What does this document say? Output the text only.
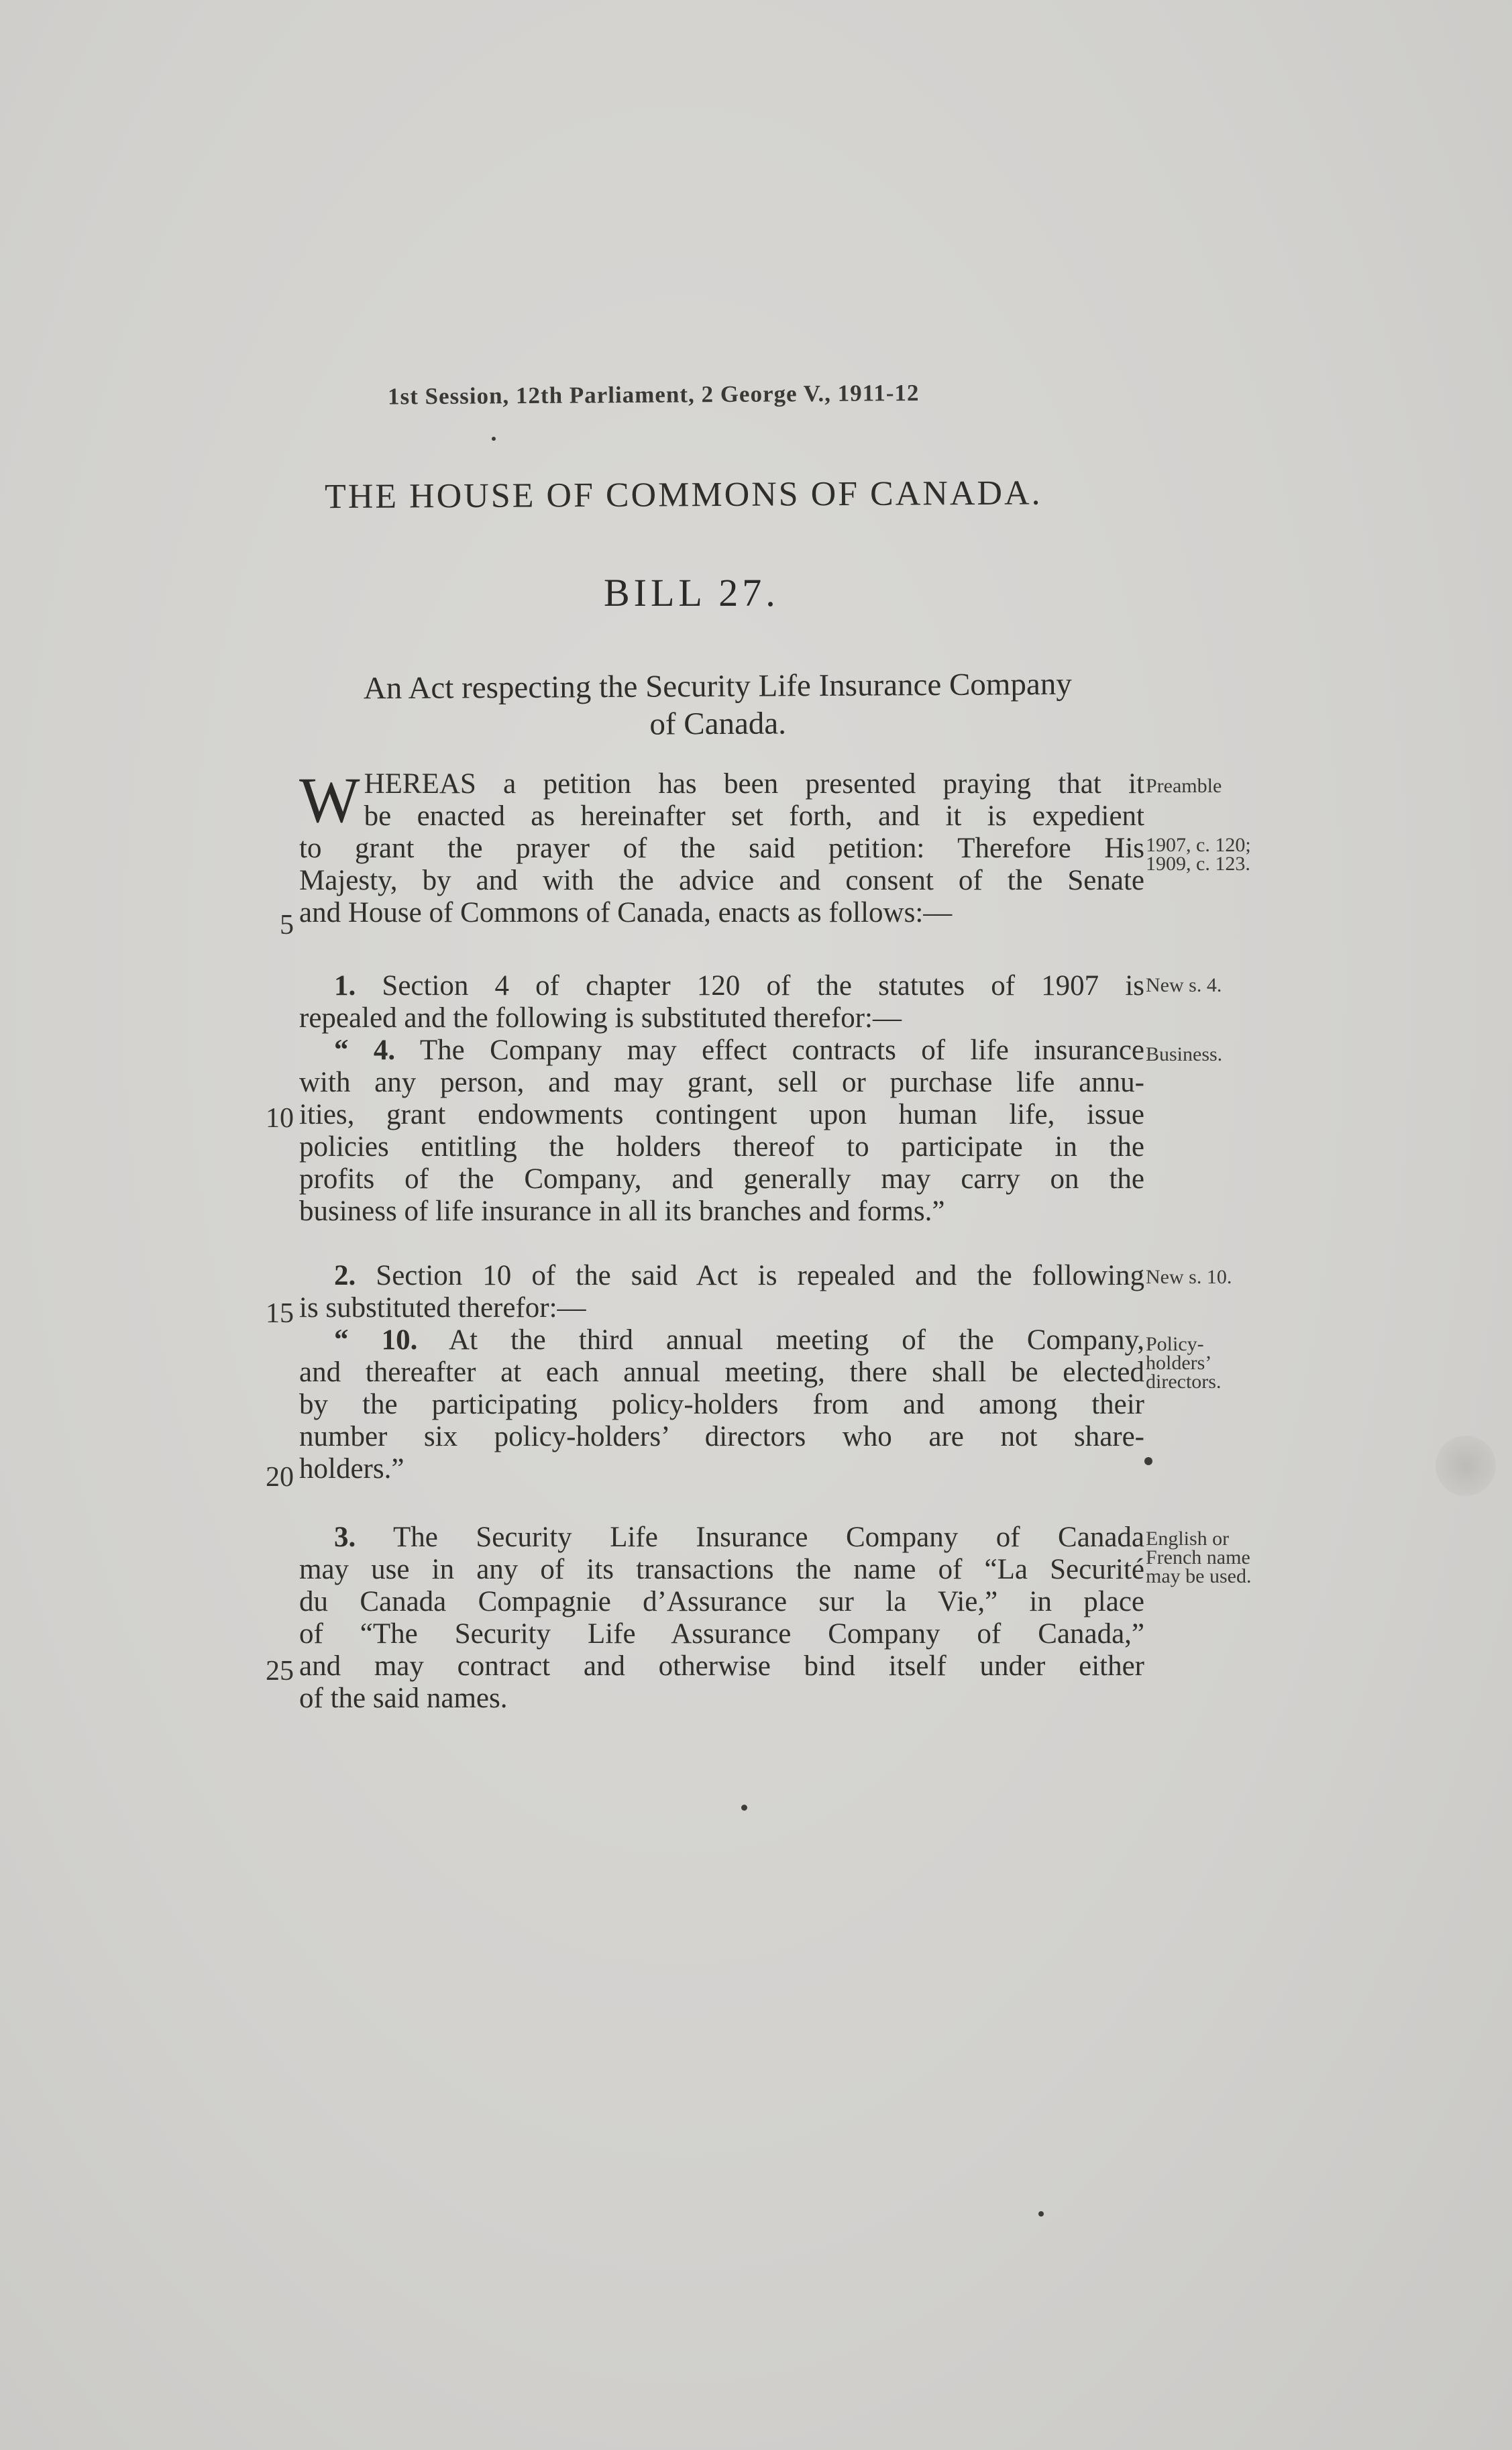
1st Session, 12th Parliament, 2 George V., 1911-12
THE HOUSE OF COMMONS OF CANADA.
BILL 27.
An Act respecting the Security Life Insurance Company
of Canada.
W HEREAS a petition has been presented praying that it
be enacted as hereinafter set forth, and it is expedient
to grant the prayer of the said petition: Therefore His
Majesty, by and with the advice and consent of the Senate
and House of Commons of Canada, enacts as follows:—
1. Section 4 of chapter 120 of the statutes of 1907 is
repealed and the following is substituted therefor:—
“ 4. The Company may effect contracts of life insurance
with any person, and may grant, sell or purchase life annu-
ities, grant endowments contingent upon human life, issue
policies entitling the holders thereof to participate in the
profits of the Company, and generally may carry on the
business of life insurance in all its branches and forms.”
2. Section 10 of the said Act is repealed and the following
is substituted therefor:—
“ 10. At the third annual meeting of the Company,
and thereafter at each annual meeting, there shall be elected
by the participating policy-holders from and among their
number six policy-holders’ directors who are not share-
holders.”
3. The Security Life Insurance Company of Canada
may use in any of its transactions the name of “La Securité
du Canada Compagnie d’Assurance sur la Vie,” in place
of “The Security Life Assurance Company of Canada,”
and may contract and otherwise bind itself under either
of the said names.
Preamble
1907, c. 120;
1909, c. 123.
New s. 4.
Business.
New s. 10.
Policy-
holders’
directors.
English or
French name
may be used.
5
10
15
20
25
